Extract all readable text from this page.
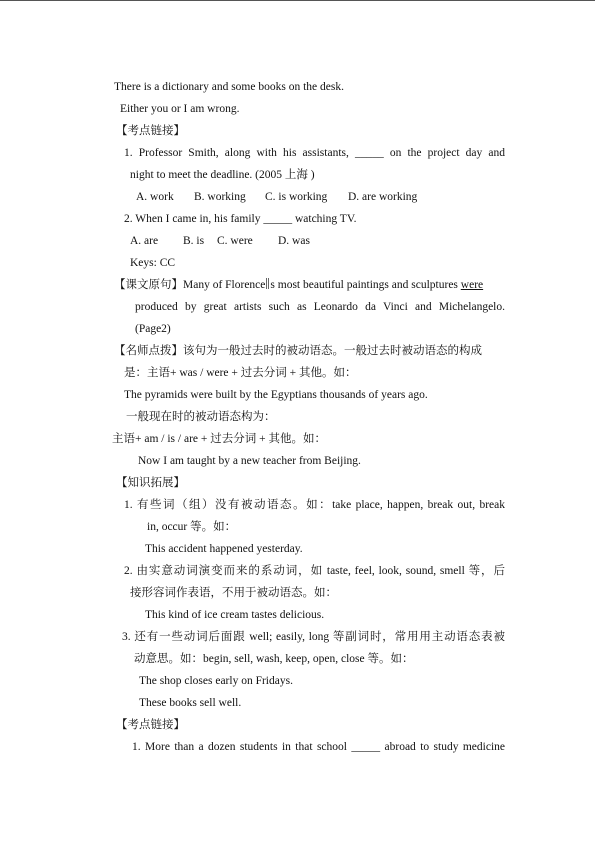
There is a dictionary and some books on the desk.
Either you or I am wrong.
【考点链接】
1. Professor Smith, along with his assistants, _____ on the project day and
night to meet the deadline. (2005 上海 )
A. work B. working C. is working D. are working
2. When I came in, his family _____ watching TV.
A. are B. is C. were D. was
Keys: CC
【课文原句】Many of Florence s most beautiful paintings and sculptures were
produced by great artists such as Leonardo da Vinci and Michelangelo.
(Page2)
【名师点拨】该句为一般过去时的被动语态。一般过去时被动语态的构成
是：主语+ was / were + 过去分词 + 其他。如：
The pyramids were built by the Egyptians thousands of years ago.
一般现在时的被动语态构为：
主语+ am / is / are + 过去分词 + 其他。如：
Now I am taught by a new teacher from Beijing.
【知识拓展】
1. 有些词（组）没有被动语态。如：take place, happen, break out, break
in, occur 等。如：
This accident happened yesterday.
2. 由实意动词演变而来的系动词，如 taste, feel, look, sound, smell 等，后
接形容词作表语，不用于被动语态。如：
This kind of ice cream tastes delicious.
3. 还有一些动词后面跟 well; easily, long 等副词时，常用用主动语态表被
动意思。如：begin, sell, wash, keep, open, close 等。如：
The shop closes early on Fridays.
These books sell well.
【考点链接】
1. More than a dozen students in that school _____ abroad to study medicine
